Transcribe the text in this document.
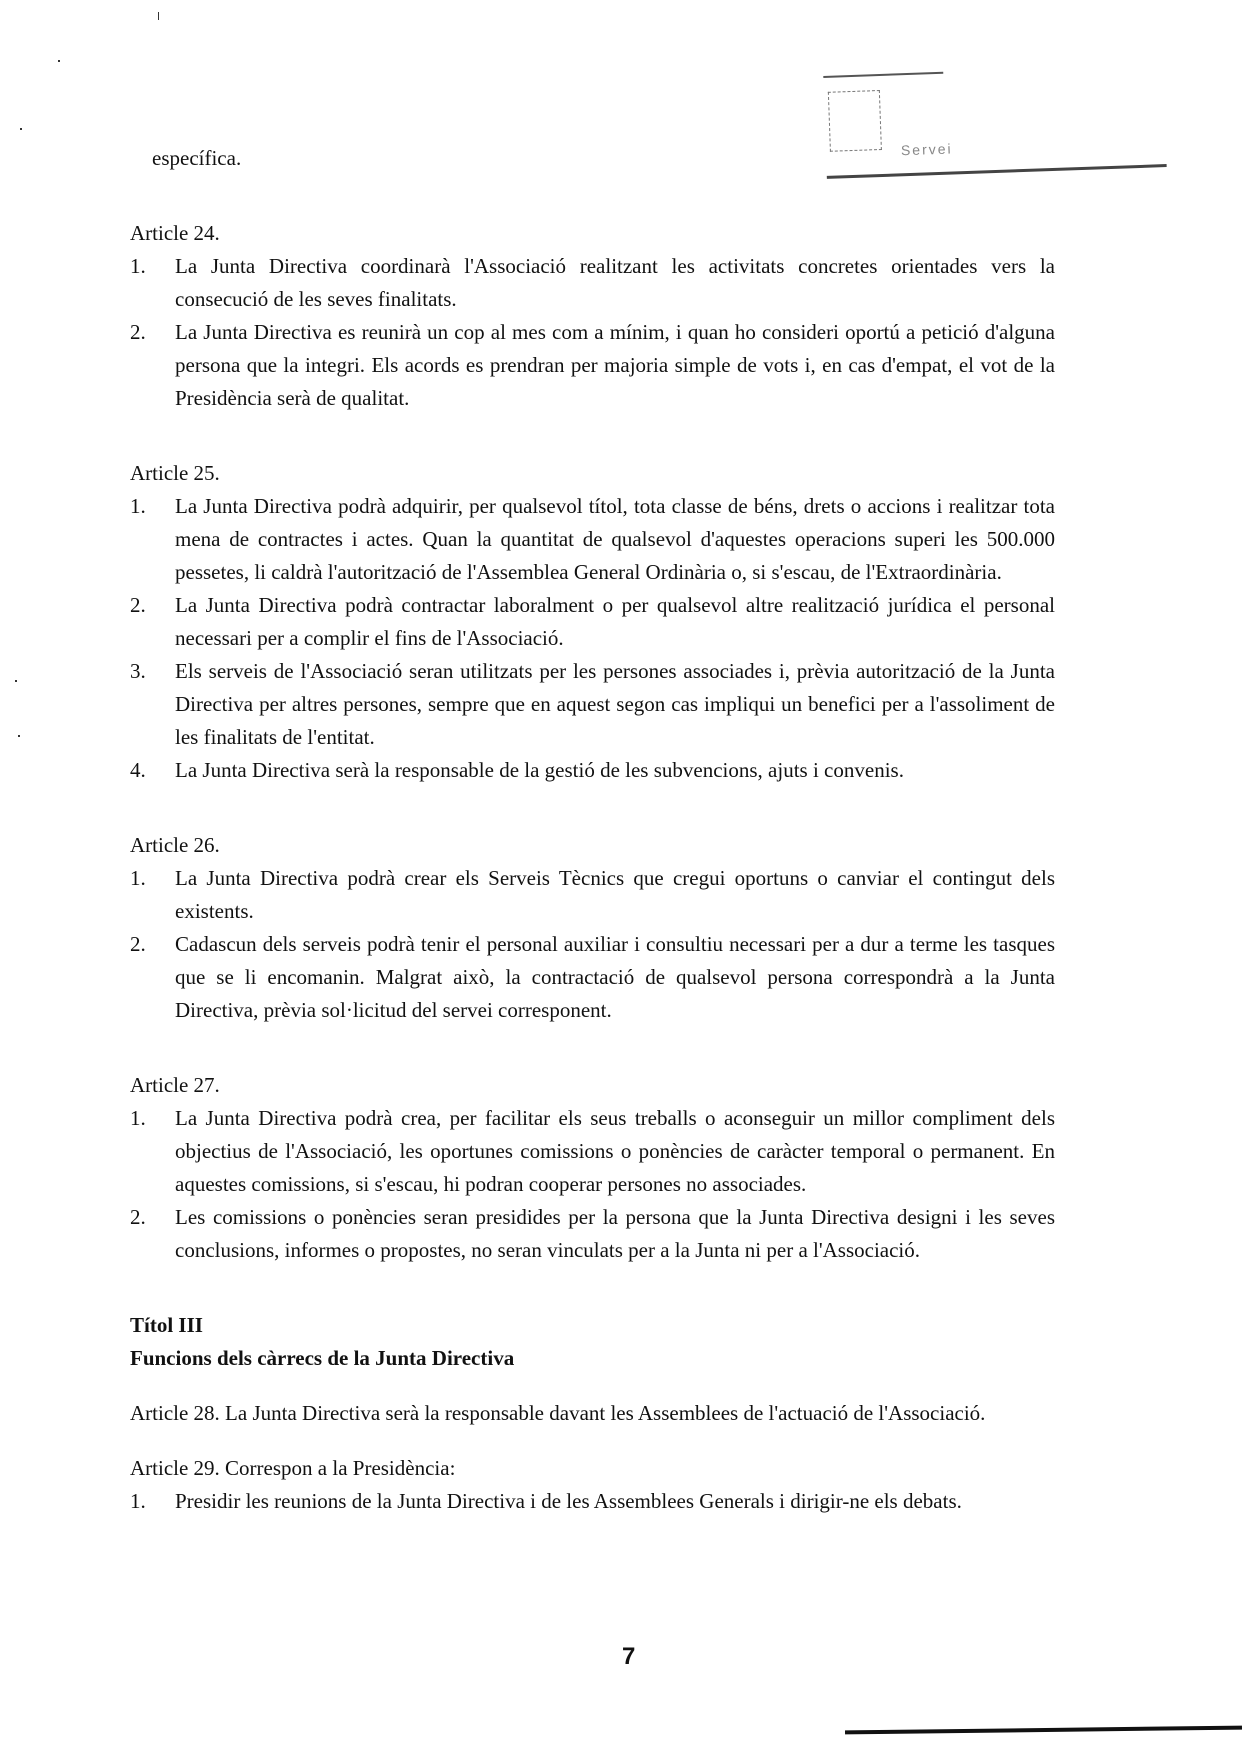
Servei
específica.
Article 24.
1. La Junta Directiva coordinarà l'Associació realitzant les activitats concretes orientades vers la consecució de les seves finalitats.
2. La Junta Directiva es reunirà un cop al mes com a mínim, i quan ho consideri oportú a petició d'alguna persona que la integri. Els acords es prendran per majoria simple de vots i, en cas d'empat, el vot de la Presidència serà de qualitat.
Article 25.
1. La Junta Directiva podrà adquirir, per qualsevol títol, tota classe de béns, drets o accions i realitzar tota mena de contractes i actes. Quan la quantitat de qualsevol d'aquestes operacions superi les 500.000 pessetes, li caldrà l'autorització de l'Assemblea General Ordinària o, si s'escau, de l'Extraordinària.
2. La Junta Directiva podrà contractar laboralment o per qualsevol altre realització jurídica el personal necessari per a complir el fins de l'Associació.
3. Els serveis de l'Associació seran utilitzats per les persones associades i, prèvia autorització de la Junta Directiva per altres persones, sempre que en aquest segon cas impliqui un benefici per a l'assoliment de les finalitats de l'entitat.
4. La Junta Directiva serà la responsable de la gestió de les subvencions, ajuts i convenis.
Article 26.
1. La Junta Directiva podrà crear els Serveis Tècnics que cregui oportuns o canviar el contingut dels existents.
2. Cadascun dels serveis podrà tenir el personal auxiliar i consultiu necessari per a dur a terme les tasques que se li encomanin. Malgrat això, la contractació de qualsevol persona correspondrà a la Junta Directiva, prèvia sol·licitud del servei corresponent.
Article 27.
1. La Junta Directiva podrà crea, per facilitar els seus treballs o aconseguir un millor compliment dels objectius de l'Associació, les oportunes comissions o ponències de caràcter temporal o permanent. En aquestes comissions, si s'escau, hi podran cooperar persones no associades.
2. Les comissions o ponències seran presidides per la persona que la Junta Directiva designi i les seves conclusions, informes o propostes, no seran vinculats per a la Junta ni per a l'Associació.
Títol III
Funcions dels càrrecs de la Junta Directiva
Article 28. La Junta Directiva serà la responsable davant les Assemblees de l'actuació de l'Associació.
Article 29. Correspon a la Presidència:
1. Presidir les reunions de la Junta Directiva i de les Assemblees Generals i dirigir-ne els debats.
7
